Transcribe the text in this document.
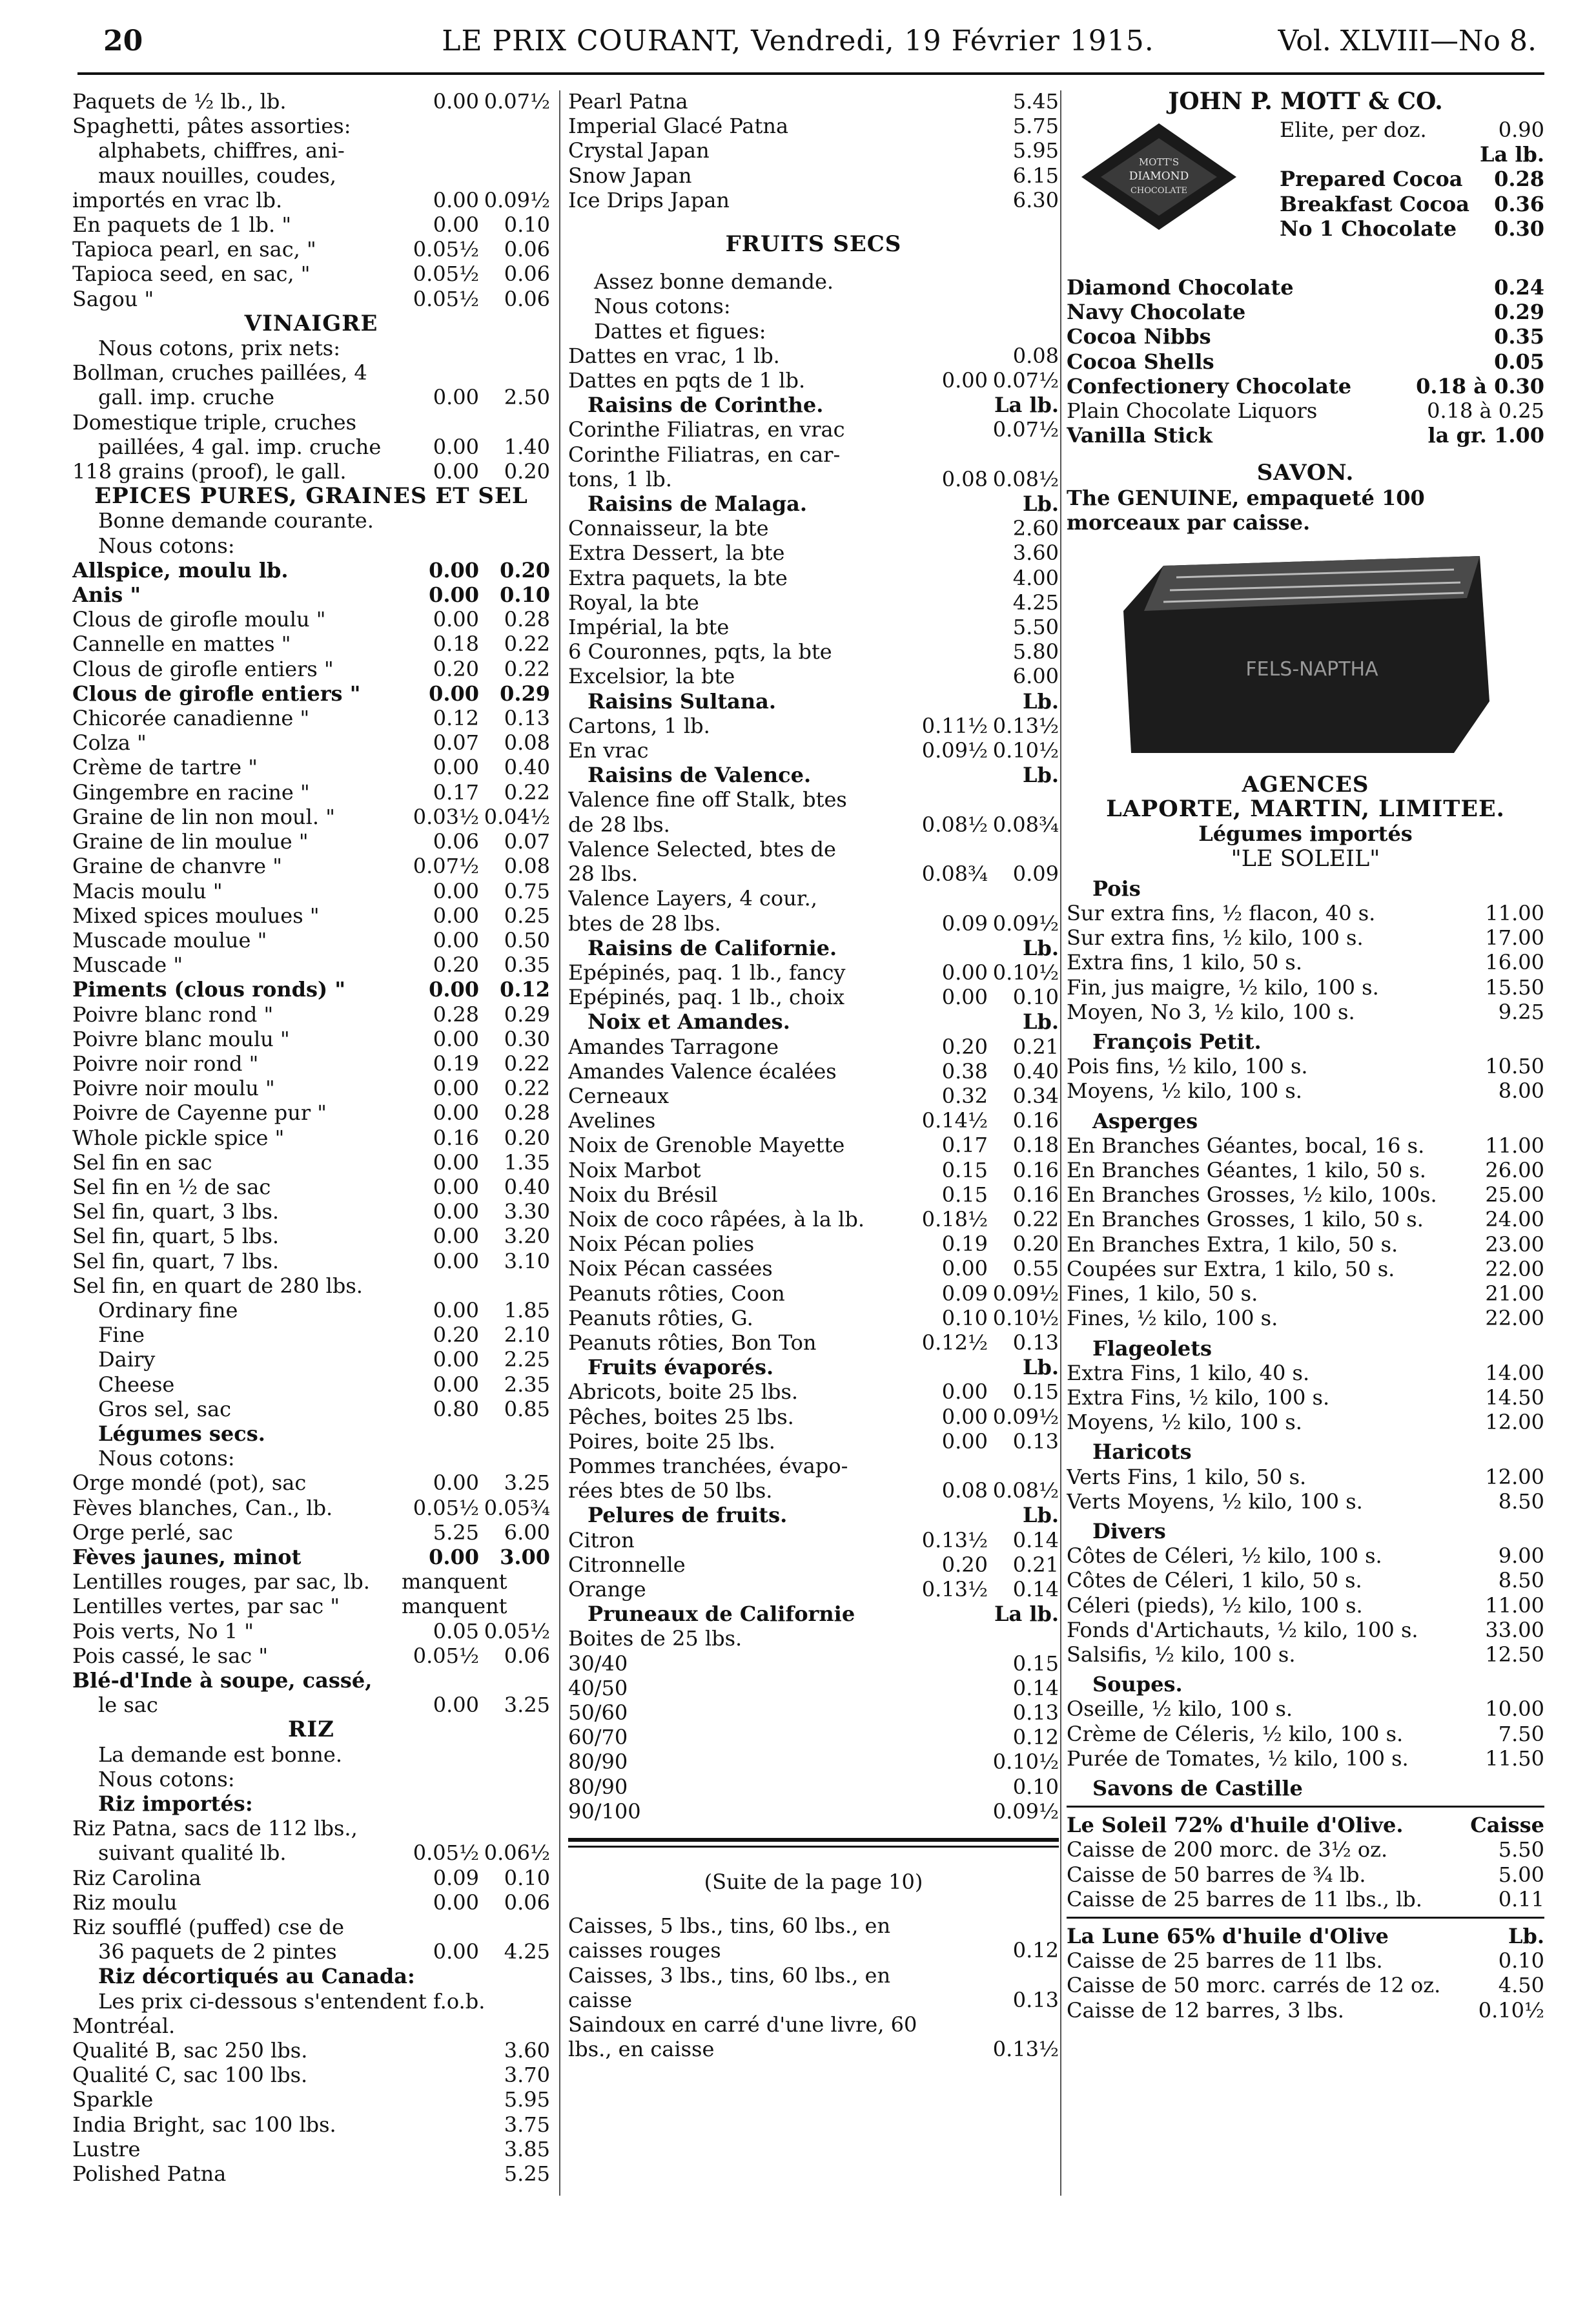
20	LE PRIX COURANT, Vendredi, 19 Février 1915.	Vol. XLVIII—No 8.
Paquets de ½ lb., lb.	0.00 0.07½
Spaghetti, pâtes assorties:
alphabets, chiffres, ani-
maux nouilles, coudes,
importés en vrac lb.	0.00 0.09½
En paquets de 1 lb. "	0.00	0.10
Tapioca pearl, en sac, "	0.05½	0.06
Tapioca seed, en sac, "	0.05½	0.06
Sagou "	0.05½	0.06
VINAIGRE
Nous cotons, prix nets:
Bollman, cruches paillées, 4
gall. imp. cruche	0.00	2.50
Domestique triple, cruches
paillées, 4 gal. imp. cruche	0.00	1.40
118 grains (proof), le gall.	0.00	0.20
EPICES PURES, GRAINES ET SEL
Bonne demande courante.
Nous cotons:
Allspice, moulu lb.	0.00	0.20
Anis "	0.00	0.10
Clous de girofle moulu "	0.00	0.28
Cannelle en mattes "	0.18	0.22
Clous de girofle entiers "	0.20	0.22
Clous de girofle entiers "	0.00	0.29
Chicorée canadienne "	0.12	0.13
Colza "	0.07	0.08
Crème de tartre "	0.00	0.40
Gingembre en racine "	0.17	0.22
Graine de lin non moul. "	0.03½ 0.04½
Graine de lin moulue "	0.06	0.07
Graine de chanvre "	0.07½	0.08
Macis moulu "	0.00	0.75
Mixed spices moulues "	0.00	0.25
Muscade moulue "	0.00	0.50
Muscade "	0.20	0.35
Piments (clous ronds) "	0.00	0.12
Poivre blanc rond "	0.28	0.29
Poivre blanc moulu "	0.00	0.30
Poivre noir rond "	0.19	0.22
Poivre noir moulu "	0.00	0.22
Poivre de Cayenne pur "	0.00	0.28
Whole pickle spice "	0.16	0.20
Sel fin en sac	0.00	1.35
Sel fin en ½ de sac	0.00	0.40
Sel fin, quart, 3 lbs.	0.00	3.30
Sel fin, quart, 5 lbs.	0.00	3.20
Sel fin, quart, 7 lbs.	0.00	3.10
Sel fin, en quart de 280 lbs.
Ordinary fine	0.00	1.85
Fine	0.20	2.10
Dairy	0.00	2.25
Cheese	0.00	2.35
Gros sel, sac	0.80	0.85
Légumes secs.
Nous cotons:
Orge mondé (pot), sac	0.00	3.25
Fèves blanches, Can., lb.	0.05½ 0.05¾
Orge perlé, sac	5.25	6.00
Fèves jaunes, minot	0.00	3.00
Lentilles rouges, par sac, lb.	manquent
Lentilles vertes, par sac "	manquent
Pois verts, No 1 "	0.05 0.05½
Pois cassé, le sac "	0.05½	0.06
Blé-d'Inde à soupe, cassé,
le sac	0.00	3.25
RIZ
La demande est bonne.
Nous cotons:
Riz importés:
Riz Patna, sacs de 112 lbs.,
suivant qualité lb.	0.05½ 0.06½
Riz Carolina	0.09	0.10
Riz moulu	0.00	0.06
Riz soufflé (puffed) cse de
36 paquets de 2 pintes	0.00	4.25
Riz décortiqués au Canada:
Les prix ci-dessous s'entendent f.o.b.
Montréal.
Qualité B, sac 250 lbs.	3.60
Qualité C, sac 100 lbs.	3.70
Sparkle	5.95
India Bright, sac 100 lbs.	3.75
Lustre	3.85
Polished Patna	5.25
Pearl Patna	5.45
Imperial Glacé Patna	5.75
Crystal Japan	5.95
Snow Japan	6.15
Ice Drips Japan	6.30
FRUITS SECS
Assez bonne demande.
Nous cotons:
Dattes et figues:
Dattes en vrac, 1 lb.	0.08
Dattes en pqts de 1 lb.	0.00 0.07½
Raisins de Corinthe.	La lb.
Corinthe Filiatras, en vrac	0.07½
Corinthe Filiatras, en car-
tons, 1 lb.	0.08 0.08½
Raisins de Malaga.	Lb.
Connaisseur, la bte	2.60
Extra Dessert, la bte	3.60
Extra paquets, la bte	4.00
Royal, la bte	4.25
Impérial, la bte	5.50
6 Couronnes, pqts, la bte	5.80
Excelsior, la bte	6.00
Raisins Sultana.	Lb.
Cartons, 1 lb.	0.11½ 0.13½
En vrac	0.09½ 0.10½
Raisins de Valence.	Lb.
Valence fine off Stalk, btes
de 28 lbs.	0.08½ 0.08¾
Valence Selected, btes de
28 lbs.	0.08¾	0.09
Valence Layers, 4 cour.,
btes de 28 lbs.	0.09 0.09½
Raisins de Californie.	Lb.
Epépinés, paq. 1 lb., fancy	0.00 0.10½
Epépinés, paq. 1 lb., choix	0.00	0.10
Noix et Amandes.	Lb.
Amandes Tarragone	0.20	0.21
Amandes Valence écalées	0.38	0.40
Cerneaux	0.32	0.34
Avelines	0.14½	0.16
Noix de Grenoble Mayette	0.17	0.18
Noix Marbot	0.15	0.16
Noix du Brésil	0.15	0.16
Noix de coco râpées, à la lb.	0.18½	0.22
Noix Pécan polies	0.19	0.20
Noix Pécan cassées	0.00	0.55
Peanuts rôties, Coon	0.09 0.09½
Peanuts rôties, G.	0.10 0.10½
Peanuts rôties, Bon Ton	0.12½	0.13
Fruits évaporés.	Lb.
Abricots, boite 25 lbs.	0.00	0.15
Pêches, boites 25 lbs.	0.00 0.09½
Poires, boite 25 lbs.	0.00	0.13
Pommes tranchées, évapo-
rées btes de 50 lbs.	0.08 0.08½
Pelures de fruits.	Lb.
Citron	0.13½	0.14
Citronnelle	0.20	0.21
Orange	0.13½	0.14
Pruneaux de Californie	La lb.
Boites de 25 lbs.
30/40	0.15
40/50	0.14
50/60	0.13
60/70	0.12
80/90	0.10½
80/90	0.10
90/100	0.09½
(Suite de la page 10)
Caisses, 5 lbs., tins, 60 lbs., en
caisses rouges	0.12
Caisses, 3 lbs., tins, 60 lbs., en
caisse	0.13
Saindoux en carré d'une livre, 60
lbs., en caisse	0.13½
JOHN P. MOTT & CO.
MOTT'S
DIAMOND
CHOCOLATE
Elite, per doz.	0.90
La lb.
Prepared Cocoa	0.28
Breakfast Cocoa	0.36
No 1 Chocolate	0.30
Diamond Chocolate	0.24
Navy Chocolate	0.29
Cocoa Nibbs	0.35
Cocoa Shells	0.05
Confectionery Chocolate	0.18 à 0.30
Plain Chocolate Liquors	0.18 à 0.25
Vanilla Stick	la gr. 1.00
SAVON.
The GENUINE, empaqueté 100 morceaux par caisse.
FELS-NAPTHA
AGENCES
LAPORTE, MARTIN, LIMITEE.
Légumes importés
"LE SOLEIL"
Pois
Sur extra fins, ½ flacon, 40 s.	11.00
Sur extra fins, ½ kilo, 100 s.	17.00
Extra fins, 1 kilo, 50 s.	16.00
Fin, jus maigre, ½ kilo, 100 s.	15.50
Moyen, No 3, ½ kilo, 100 s.	9.25
François Petit.
Pois fins, ½ kilo, 100 s.	10.50
Moyens, ½ kilo, 100 s.	8.00
Asperges
En Branches Géantes, bocal, 16 s.	11.00
En Branches Géantes, 1 kilo, 50 s.	26.00
En Branches Grosses, ½ kilo, 100s.	25.00
En Branches Grosses, 1 kilo, 50 s.	24.00
En Branches Extra, 1 kilo, 50 s.	23.00
Coupées sur Extra, 1 kilo, 50 s.	22.00
Fines, 1 kilo, 50 s.	21.00
Fines, ½ kilo, 100 s.	22.00
Flageolets
Extra Fins, 1 kilo, 40 s.	14.00
Extra Fins, ½ kilo, 100 s.	14.50
Moyens, ½ kilo, 100 s.	12.00
Haricots
Verts Fins, 1 kilo, 50 s.	12.00
Verts Moyens, ½ kilo, 100 s.	8.50
Divers
Côtes de Céleri, ½ kilo, 100 s.	9.00
Côtes de Céleri, 1 kilo, 50 s.	8.50
Céleri (pieds), ½ kilo, 100 s.	11.00
Fonds d'Artichauts, ½ kilo, 100 s.	33.00
Salsifis, ½ kilo, 100 s.	12.50
Soupes.
Oseille, ½ kilo, 100 s.	10.00
Crème de Céleris, ½ kilo, 100 s.	7.50
Purée de Tomates, ½ kilo, 100 s.	11.50
Savons de Castille
Le Soleil 72% d'huile d'Olive.	Caisse
Caisse de 200 morc. de 3½ oz.	5.50
Caisse de 50 barres de ¾ lb.	5.00
Caisse de 25 barres de 11 lbs., lb.	0.11
La Lune 65% d'huile d'Olive	Lb.
Caisse de 25 barres de 11 lbs.	0.10
Caisse de 50 morc. carrés de 12 oz.	4.50
Caisse de 12 barres, 3 lbs.	0.10½
